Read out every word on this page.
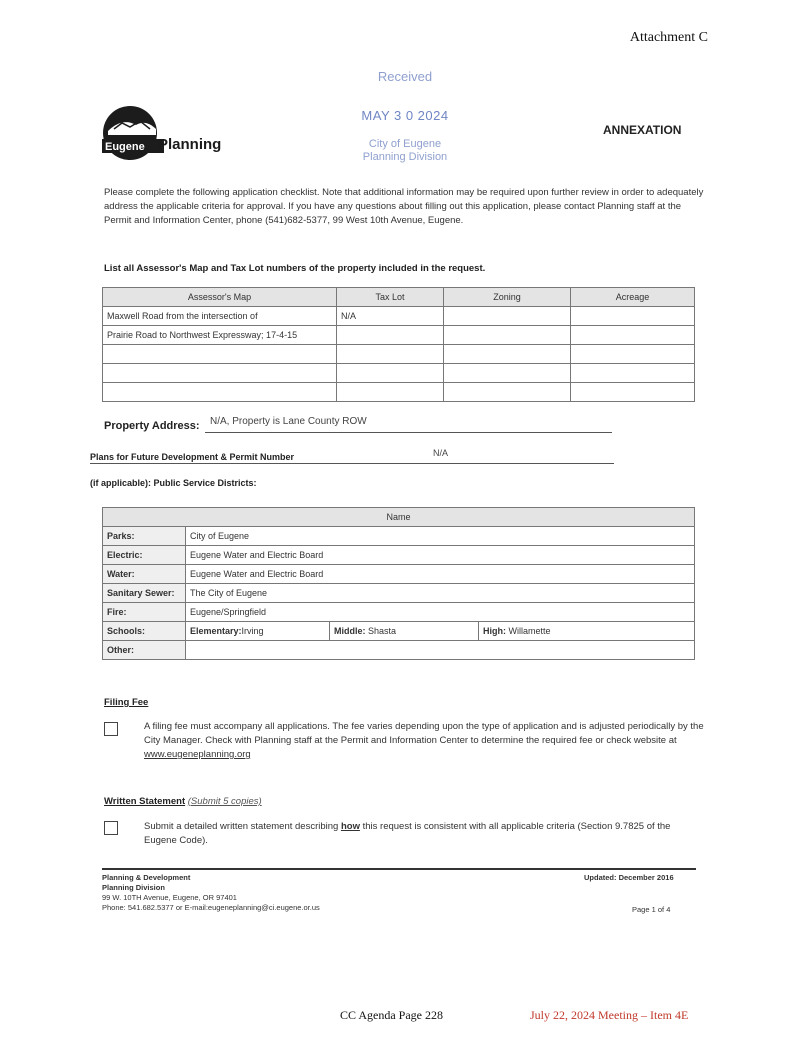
Attachment C
Received
MAY 3 0 2024
City of Eugene
Planning Division
Eugene Planning
ANNEXATION
Please complete the following application checklist. Note that additional information may be required upon further review in order to adequately address the applicable criteria for approval. If you have any questions about filling out this application, please contact Planning staff at the Permit and Information Center, phone (541)682-5377, 99 West 10th Avenue, Eugene.
List all Assessor's Map and Tax Lot numbers of the property included in the request.
Assessor's Map	Tax Lot	Zoning	Acreage
Maxwell Road from the intersection of	N/A		
Prairie Road to Northwest Expressway; 17-4-15			

Property Address: N/A, Property is Lane County ROW
Plans for Future Development & Permit Number	N/A
(if applicable): Public Service Districts:
Name			
Parks:	City of Eugene		
Electric:	Eugene Water and Electric Board		
Water:	Eugene Water and Electric Board		
Sanitary Sewer:	The City of Eugene		
Fire:	Eugene/Springfield		
Schools:	Elementary:Irving	Middle: Shasta	High: Willamette
Other:			
Filing Fee
A filing fee must accompany all applications. The fee varies depending upon the type of application and is adjusted periodically by the City Manager. Check with Planning staff at the Permit and Information Center to determine the required fee or check website at www.eugeneplanning.org
Written Statement (Submit 5 copies)
Submit a detailed written statement describing how this request is consistent with all applicable criteria (Section 9.7825 of the Eugene Code).
Planning & Development
Planning Division
99 W. 10TH Avenue, Eugene, OR 97401
Phone: 541.682.5377 or E-mail:eugeneplanning@ci.eugene.or.us
Updated: December 2016
Page 1 of 4
CC Agenda Page 228	July 22, 2024 Meeting – Item 4E
